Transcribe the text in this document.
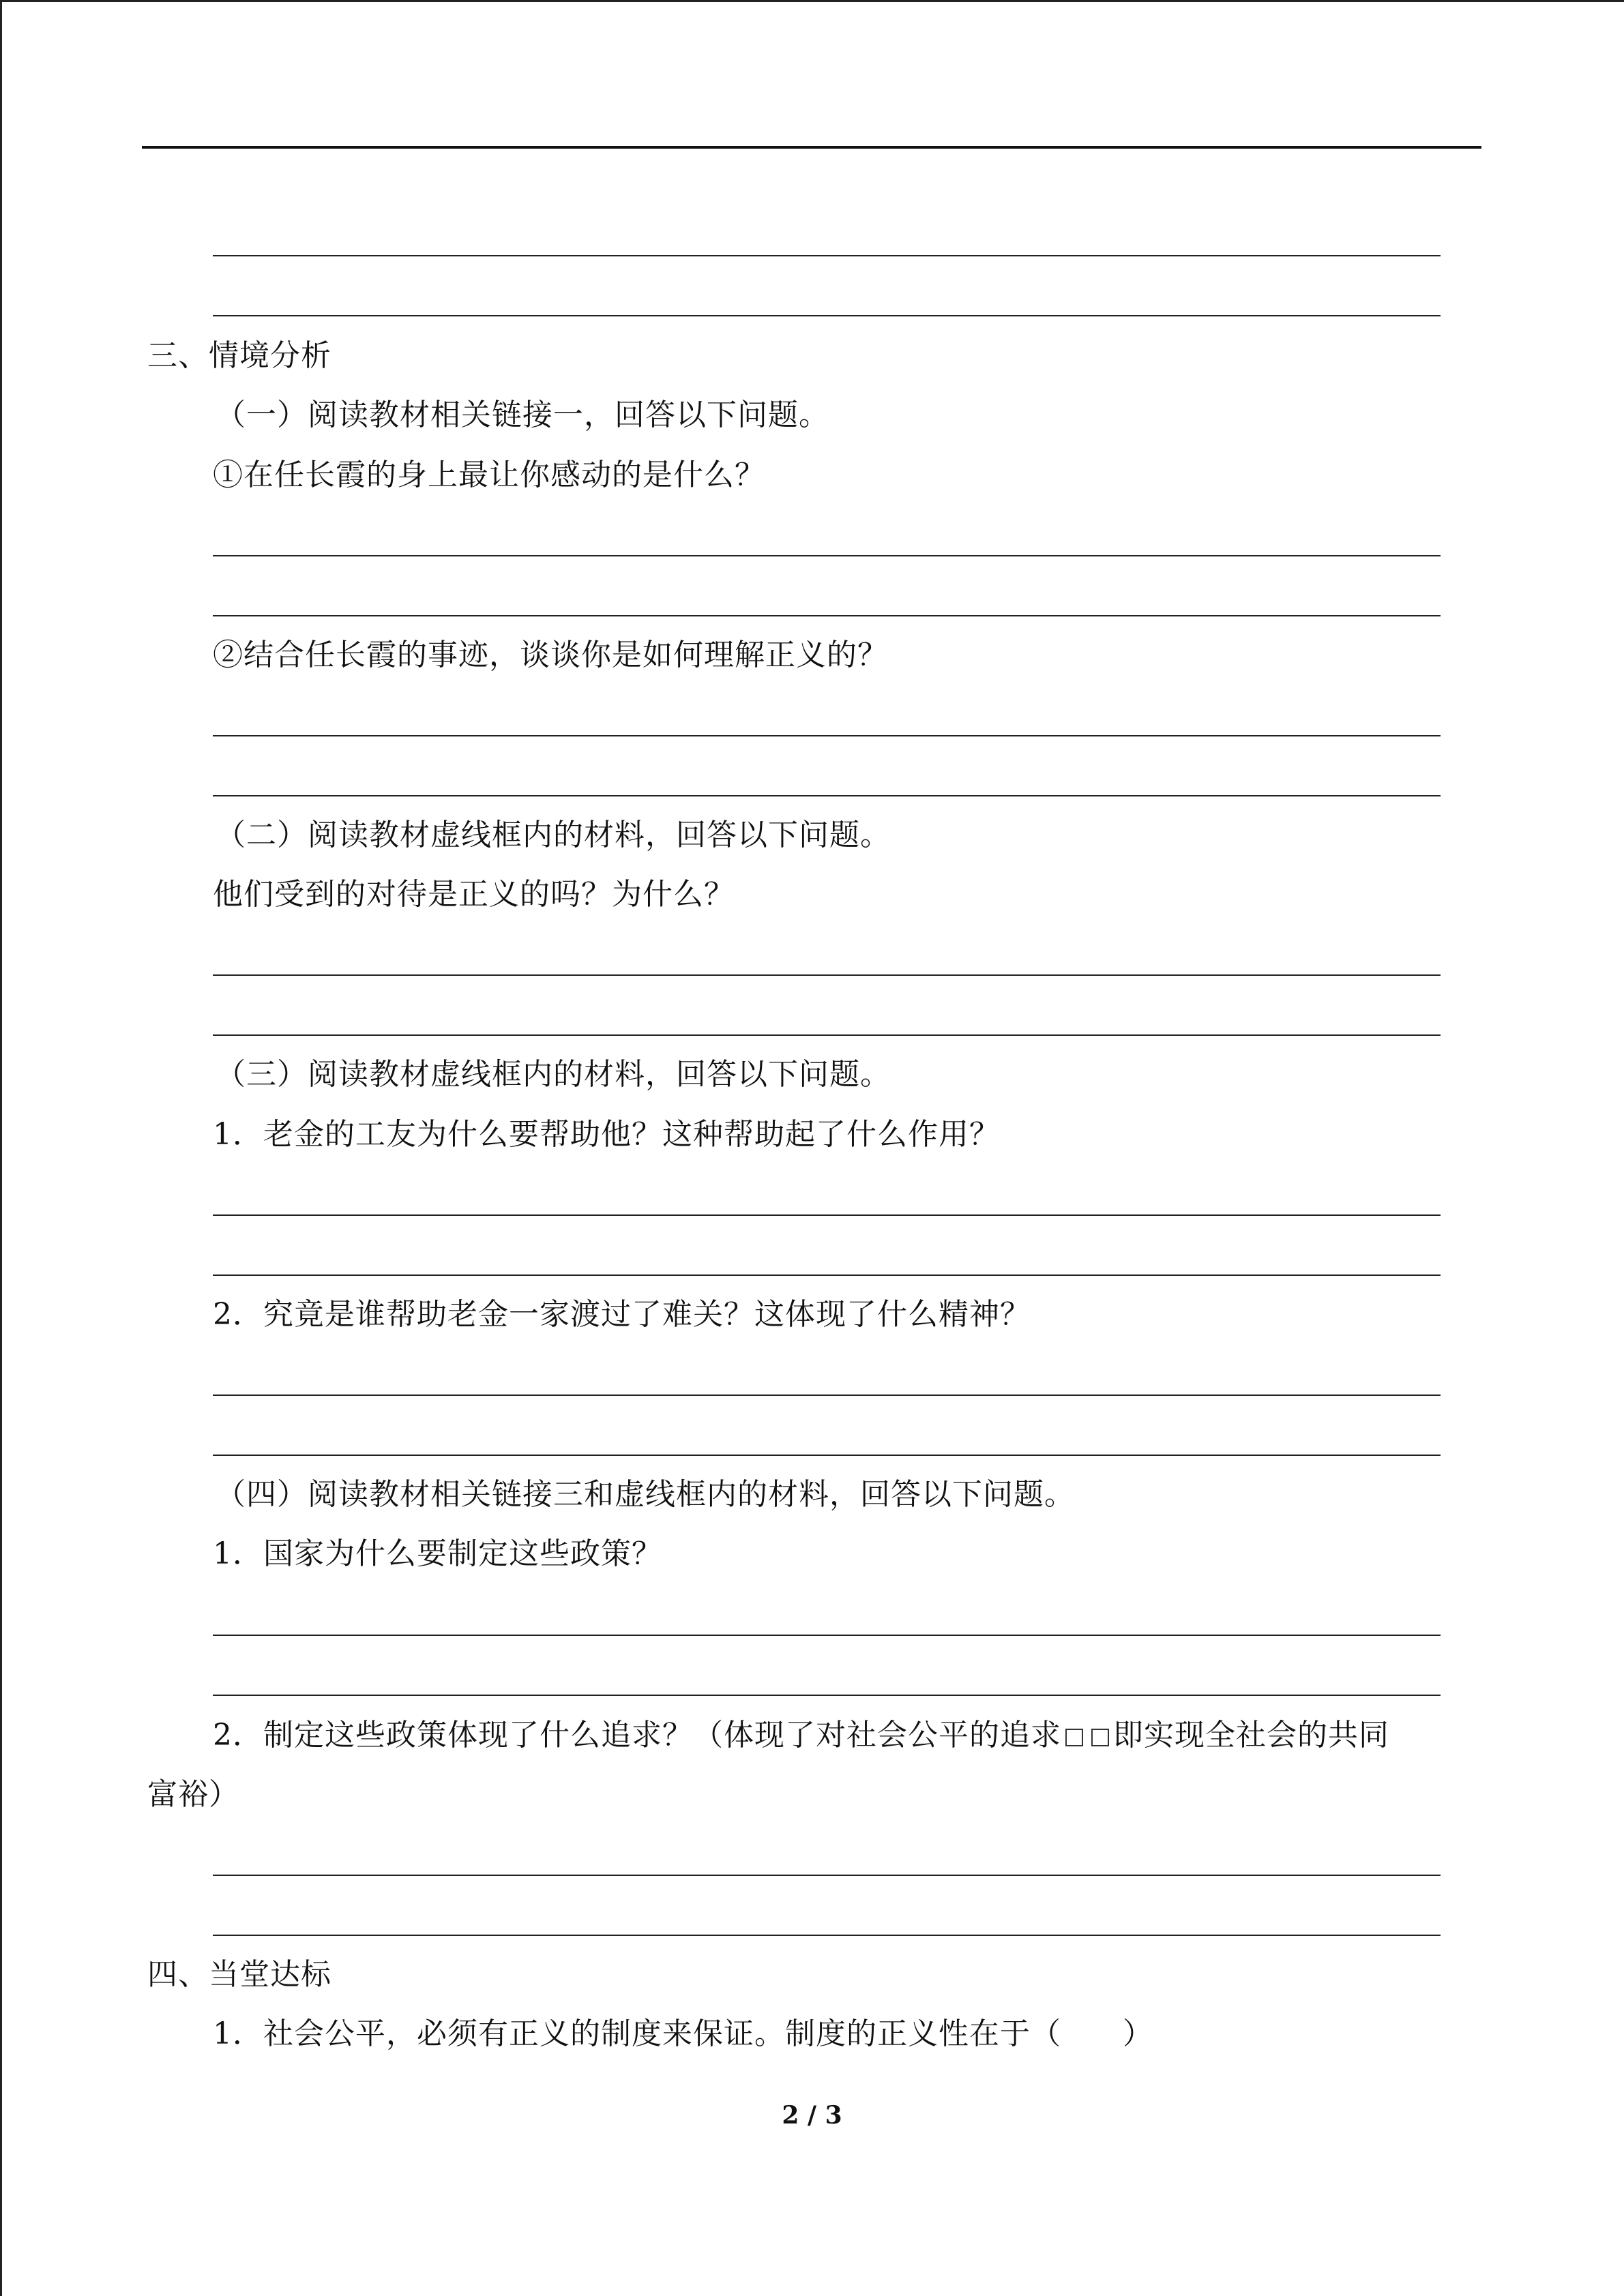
三、情境分析
（一）阅读教材相关链接一，回答以下问题。
①在任长霞的身上最让你感动的是什么？
②结合任长霞的事迹，谈谈你是如何理解正义的？
（二）阅读教材虚线框内的材料，回答以下问题。
他们受到的对待是正义的吗？为什么？
（三）阅读教材虚线框内的材料，回答以下问题。
1．老金的工友为什么要帮助他？这种帮助起了什么作用？
2．究竟是谁帮助老金一家渡过了难关？这体现了什么精神？
（四）阅读教材相关链接三和虚线框内的材料，回答以下问题。
1．国家为什么要制定这些政策？
2．制定这些政策体现了什么追求？（体现了对社会公平的追求 即实现全社会的共同
富裕）
四、当堂达标
1．社会公平，必须有正义的制度来保证。制度的正义性在于（　　）
2 / 3
